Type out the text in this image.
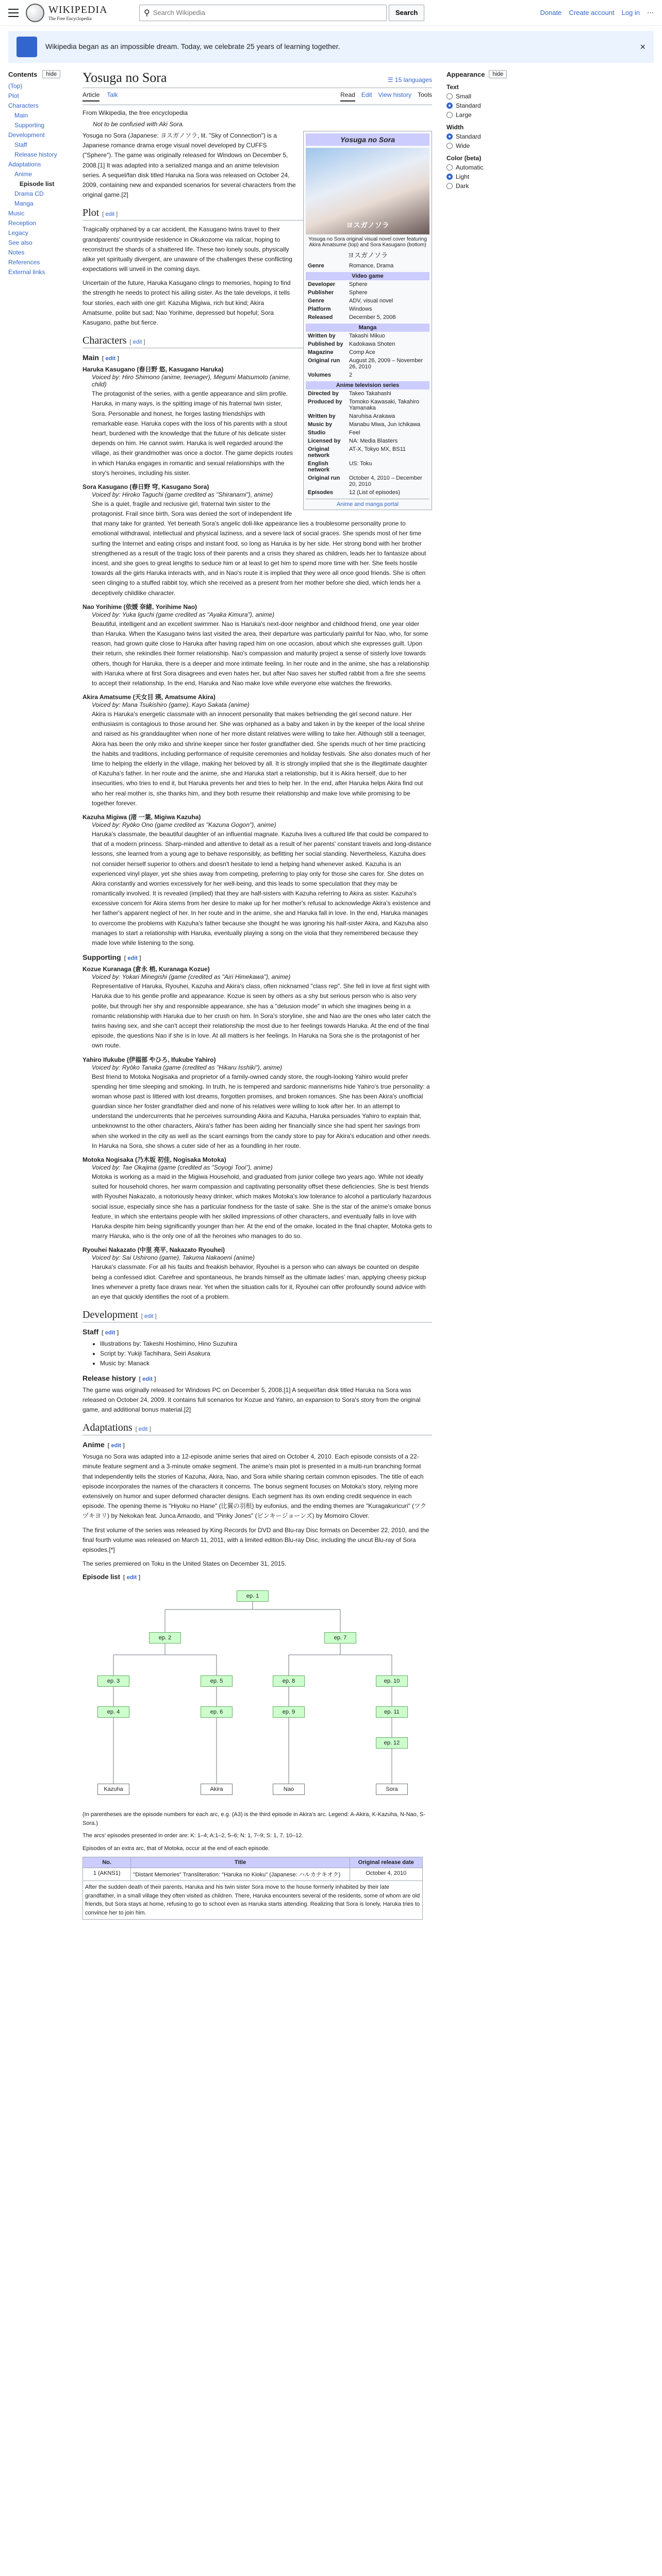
WIKIPEDIA
The Free Encyclopedia
⚲
Search Wikipedia	Search	Donate Create account Log in ⋯

Wikipedia began as an impossible dream. Today, we celebrate 25 years of learning together.	×
Contents	hide
(Top)
Plot
Characters
Main
Supporting
Development
Staff
Release history
Adaptations
Anime
Episode list
Drama CD
Manga
Music
Reception
Legacy
See also
Notes
References
External links
Yosuga no Sora	☰ 15 languages
Article Talk	Read Edit View history Tools
From Wikipedia, the free encyclopedia
Not to be confused with Aki Sora.
Yosuga no Sora
ヨスガノソラ
Yosuga no Sora original visual novel cover featuring Akira Amatsume (top) and Sora Kasugano (bottom)
ヨスガノソラ
Genre	Romance, Drama
Video game
Developer	Sphere
Publisher	Sphere
Genre	ADV, visual novel
Platform	Windows
Released	December 5, 2008
Manga
Written by	Takashi Mikuo
Published by	Kadokawa Shoten
Magazine	Comp Ace
Original run	August 26, 2009 – November 26, 2010
Volumes	2
Anime television series
Directed by	Takeo Takahashi
Produced by	Tomoko Kawasaki, Takahiro Yamanaka
Written by	Naruhisa Arakawa
Music by	Manabu Miwa, Jun Ichikawa
Studio	Feel
Licensed by	NA: Media Blasters
Original network	AT-X, Tokyo MX, BS11
English network	US: Toku
Original run	October 4, 2010 – December 20, 2010
Episodes	12 (List of episodes)
Anime and manga portal

Yosuga no Sora (Japanese: ヨスガノソラ, lit. "Sky of Connection") is a Japanese romance drama eroge visual novel developed by CUFFS ("Sphere"). The game was originally released for Windows on December 5, 2008.[1] It was adapted into a serialized manga and an anime television series. A sequel/fan disk titled Haruka na Sora was released on October 24, 2009, containing new and expanded scenarios for several characters from the original game.[2]

Plot [ edit ]

Tragically orphaned by a car accident, the Kasugano twins travel to their grandparents' countryside residence in Okukozome via railcar, hoping to reconstruct the shards of a shattered life. These two lonely souls, physically alike yet spiritually divergent, are unaware of the challenges these conflicting expectations will unveil in the coming days.

Uncertain of the future, Haruka Kasugano clings to memories, hoping to find the strength he needs to protect his ailing sister. As the tale develops, it tells four stories, each with one girl: Kazuha Migiwa, rich but kind; Akira Amatsume, polite but sad; Nao Yorihime, depressed but hopeful; Sora Kasugano, pathe but fierce.

Characters [ edit ]
Main [ edit ]
Haruka Kasugano (春日野 悠, Kasugano Haruka)
Voiced by: Hiro Shimono (anime, teenager), Megumi Matsumoto (anime, child)
The protagonist of the series, with a gentle appearance and slim profile. Haruka, in many ways, is the spitting image of his fraternal twin sister, Sora. Personable and honest, he forges lasting friendships with remarkable ease. Haruka copes with the loss of his parents with a stout heart, burdened with the knowledge that the future of his delicate sister depends on him. He cannot swim. Haruka is well regarded around the village, as their grandmother was once a doctor. The game depicts routes in which Haruka engages in romantic and sexual relationships with the story's heroines, including his sister.
Sora Kasugano (春日野 穹, Kasugano Sora)
Voiced by: Hiroko Taguchi (game credited as "Shiranami"), anime)
She is a quiet, fragile and reclusive girl, fraternal twin sister to the protagonist. Frail since birth, Sora was denied the sort of independent life that many take for granted. Yet beneath Sora's angelic doll-like appearance lies a troublesome personality prone to emotional withdrawal, intellectual and physical laziness, and a severe lack of social graces. She spends most of her time surfing the Internet and eating crisps and instant food, so long as Haruka is by her side. Her strong bond with her brother strengthened as a result of the tragic loss of their parents and a crisis they shared as children, leads her to fantasize about incest, and she goes to great lengths to seduce him or at least to get him to spend more time with her. She feels hostile towards all the girls Haruka interacts with, and in Nao's route it is implied that they were all once good friends. She is often seen clinging to a stuffed rabbit toy, which she received as a present from her mother before she died, which lends her a deceptively childlike character.
Nao Yorihime (依媛 奈緒, Yorihime Nao)
Voiced by: Yuka Iguchi (game credited as "Ayaka Kimura"), anime)
Beautiful, intelligent and an excellent swimmer. Nao is Haruka's next-door neighbor and childhood friend, one year older than Haruka. When the Kasugano twins last visited the area, their departure was particularly painful for Nao, who, for some reason, had grown quite close to Haruka after having raped him on one occasion, about which she expresses guilt. Upon their return, she rekindles their former relationship. Nao's compassion and maturity project a sense of sisterly love towards others, though for Haruka, there is a deeper and more intimate feeling. In her route and in the anime, she has a relationship with Haruka where at first Sora disagrees and even hates her, but after Nao saves her stuffed rabbit from a fire she seems to accept their relationship. In the end, Haruka and Nao make love while everyone else watches the fireworks.
Akira Amatsume (天女目 瑛, Amatsume Akira)
Voiced by: Mana Tsukishiro (game), Kayo Sakata (anime)
Akira is Haruka's energetic classmate with an innocent personality that makes befriending the girl second nature. Her enthusiasm is contagious to those around her. She was orphaned as a baby and taken in by the keeper of the local shrine and raised as his granddaughter when none of her more distant relatives were willing to take her. Although still a teenager, Akira has been the only miko and shrine keeper since her foster grandfather died. She spends much of her time practicing the habits and traditions, including performance of requisite ceremonies and holiday festivals. She also donates much of her time to helping the elderly in the village, making her beloved by all. It is strongly implied that she is the illegitimate daughter of Kazuha's father. In her route and the anime, she and Haruka start a relationship, but it is Akira herself, due to her insecurities, who tries to end it, but Haruka prevents her and tries to help her. In the end, after Haruka helps Akira find out who her real mother is, she thanks him, and they both resume their relationship and make love while promising to be together forever.
Kazuha Migiwa (渚 一葉, Migiwa Kazuha)
Voiced by: Ryōko Ono (game credited as "Kazuna Gogon"), anime)
Haruka's classmate, the beautiful daughter of an influential magnate. Kazuha lives a cultured life that could be compared to that of a modern princess. Sharp-minded and attentive to detail as a result of her parents' constant travels and long-distance lessons, she learned from a young age to behave responsibly, as befitting her social standing. Nevertheless, Kazuha does not consider herself superior to others and doesn't hesitate to lend a helping hand whenever asked. Kazuha is an experienced vinyl player, yet she shies away from competing, preferring to play only for those she cares for. She dotes on Akira constantly and worries excessively for her well-being, and this leads to some speculation that they may be romantically involved. It is revealed (implied) that they are half-sisters with Kazuha referring to Akira as sister. Kazuha's excessive concern for Akira stems from her desire to make up for her mother's refusal to acknowledge Akira's existence and her father's apparent neglect of her. In her route and in the anime, she and Haruka fall in love. In the end, Haruka manages to overcome the problems with Kazuha's father because she thought he was ignoring his half-sister Akira, and Kazuha also manages to start a relationship with Haruka, eventually playing a song on the viola that they remembered because they made love while listening to the song.
Supporting [ edit ]
Kozue Kuranaga (倉永 梢, Kuranaga Kozue)
Voiced by: Yokari Minegishi (game (credited as "Airi Himekawa"), anime)
Representative of Haruka, Ryouhei, Kazuha and Akira's class, often nicknamed "class rep". She fell in love at first sight with Haruka due to his gentle profile and appearance. Kozue is seen by others as a shy but serious person who is also very polite, but through her shy and responsible appearance, she has a "delusion mode" in which she imagines being in a romantic relationship with Haruka due to her crush on him. In Sora's storyline, she and Nao are the ones who later catch the twins having sex, and she can't accept their relationship the most due to her feelings towards Haruka. At the end of the final episode, the questions Nao if she is in love. At all matters is her feelings. In Haruka na Sora she is the protagonist of her own route.
Yahiro Ifukube (伊福部 やひろ, Ifukube Yahiro)
Voiced by: Ryōko Tanaka (game (credited as "Hikaru Isshiki"), anime)
Best friend to Motoka Nogisaka and proprietor of a family-owned candy store, the rough-looking Yahiro would prefer spending her time sleeping and smoking. In truth, he is tempered and sardonic mannerisms hide Yahiro's true personality: a woman whose past is littered with lost dreams, forgotten promises, and broken romances. She has been Akira's unofficial guardian since her foster grandfather died and none of his relatives were willing to look after her. In an attempt to understand the undercurrents that he perceives surrounding Akira and Kazuha, Haruka persuades Yahiro to explain that, unbeknownst to the other characters, Akira's father has been aiding her financially since she had spent her savings from when she worked in the city as well as the scant earnings from the candy store to pay for Akira's education and other needs. In Haruka na Sora, she shows a cuter side of her as a foundling in her route.
Motoka Nogisaka (乃木坂 初佳, Nogisaka Motoka)
Voiced by: Tae Okajima (game (credited as "Soyogi Tooi"), anime)
Motoka is working as a maid in the Migiwa Household, and graduated from junior college two years ago. While not ideally suited for household chores, her warm compassion and captivating personality offset these deficiencies. She is best friends with Ryouhei Nakazato, a notoriously heavy drinker, which makes Motoka's low tolerance to alcohol a particularly hazardous social issue, especially since she has a particular fondness for the taste of sake. She is the star of the anime's omake bonus feature, in which she entertains people with her skilled impressions of other characters, and eventually falls in love with Haruka despite him being significantly younger than her. At the end of the omake, located in the final chapter, Motoka gets to marry Haruka, who is the only one of all the heroines who manages to do so.
Ryouhei Nakazato (中里 亮平, Nakazato Ryouhei)
Voiced by: Sai Ushirono (game), Takuma Nakaoeni (anime)
Haruka's classmate. For all his faults and freakish behavior, Ryouhei is a person who can always be counted on despite being a confessed idiot. Carefree and spontaneous, he brands himself as the ultimate ladies' man, applying cheesy pickup lines whenever a pretty face draws near. Yet when the situation calls for it, Ryouhei can offer profoundly sound advice with an eye that quickly identifies the root of a problem.
Development [ edit ]
Staff [ edit ]
• Illustrations by: Takeshi Hoshimino, Hino Suzuhira
• Script by: Yukiji Tachihara, Seiri Asakura
• Music by: Manack
Release history [ edit ]

The game was originally released for Windows PC on December 5, 2008.[1] A sequel/fan disk titled Haruka na Sora was released on October 24, 2009. It contains full scenarios for Kozue and Yahiro, an expansion to Sora's story from the original game, and additional bonus material.[2]

Adaptations [ edit ]
Anime [ edit ]

Yosuga no Sora was adapted into a 12-episode anime series that aired on October 4, 2010. Each episode consists of a 22-minute feature segment and a 3-minute omake segment. The anime's main plot is presented in a multi-run branching format that independently tells the stories of Kazuha, Akira, Nao, and Sora while sharing certain common episodes. The title of each episode incorporates the names of the characters it concerns. The bonus segment focuses on Motoka's story, relying more extensively on humor and super deformed character designs. Each segment has its own ending credit sequence in each episode. The opening theme is "Hiyoku no Hane" (比翼の羽根) by eufonius, and the ending themes are "Kuragakuricuri" (ツクヅキヨリ) by Nekokan feat. Junca Amaodo, and "Pinky Jones" (ピンキージョーンズ) by Momoiro Clover.

The first volume of the series was released by King Records for DVD and Blu-ray Disc formats on December 22, 2010, and the final fourth volume was released on March 11, 2011, with a limited edition Blu-ray Disc, including the uncut Blu-ray of Sora episodes.[*]

The series premiered on Toku in the United States on December 31, 2015.

Episode list [ edit ]
ep. 1
ep. 2	ep. 7
ep. 3	ep. 5	ep. 8	ep. 10
ep. 4	ep. 6	ep. 9	ep. 11
ep. 12
Kazuha	Akira	Nao	Sora
(In parentheses are the episode numbers for each arc, e.g. (A3) is the third episode in Akira's arc. Legend: A-Akira, K-Kazuha, N-Nao, S-Sora.)
The arcs' episodes presented in order are: K: 1–4; A:1–2, 5–6; N: 1, 7–9; S: 1, 7, 10–12.
Episodes of an extra arc, that of Motoka, occur at the end of each episode.
No.	Title	Original release date
1 (AKNS1)	"Distant Memories" Transliteration: "Haruka no Kioku" (Japanese: ハルカナキオク)	October 4, 2010
After the sudden death of their parents, Haruka and his twin sister Sora move to the house formerly inhabited by their late grandfather, in a small village they often visited as children. There, Haruka encounters several of the residents, some of whom are old friends, but Sora stays at home, refusing to go to school even as Haruka starts attending. Realizing that Sora is lonely, Haruka tries to convince her to join him.		
Appearance	hide
Text
Small
Standard
Large
Width
Standard
Wide
Color (beta)
Automatic
Light
Dark
